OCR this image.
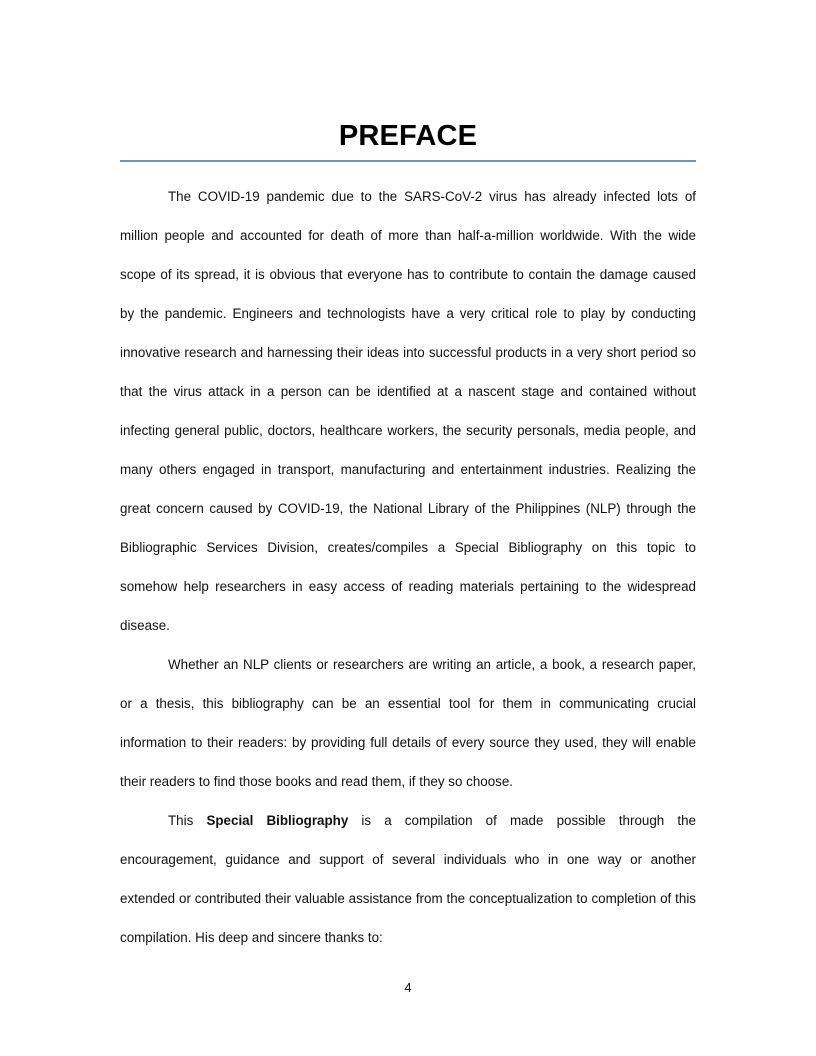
PREFACE

The COVID-19 pandemic due to the SARS-CoV-2 virus has already infected lots of million people and accounted for death of more than half-a-million worldwide. With the wide scope of its spread, it is obvious that everyone has to contribute to contain the damage caused by the pandemic. Engineers and technologists have a very critical role to play by conducting innovative research and harnessing their ideas into successful products in a very short period so that the virus attack in a person can be identified at a nascent stage and contained without infecting general public, doctors, healthcare workers, the security personals, media people, and many others engaged in transport, manufacturing and entertainment industries. Realizing the great concern caused by COVID-19, the National Library of the Philippines (NLP) through the Bibliographic Services Division, creates/compiles a Special Bibliography on this topic to somehow help researchers in easy access of reading materials pertaining to the widespread disease.

Whether an NLP clients or researchers are writing an article, a book, a research paper, or a thesis, this bibliography can be an essential tool for them in communicating crucial information to their readers: by providing full details of every source they used, they will enable their readers to find those books and read them, if they so choose.

This Special Bibliography is a compilation of made possible through the encouragement, guidance and support of several individuals who in one way or another extended or contributed their valuable assistance from the conceptualization to completion of this compilation. His deep and sincere thanks to:

4
